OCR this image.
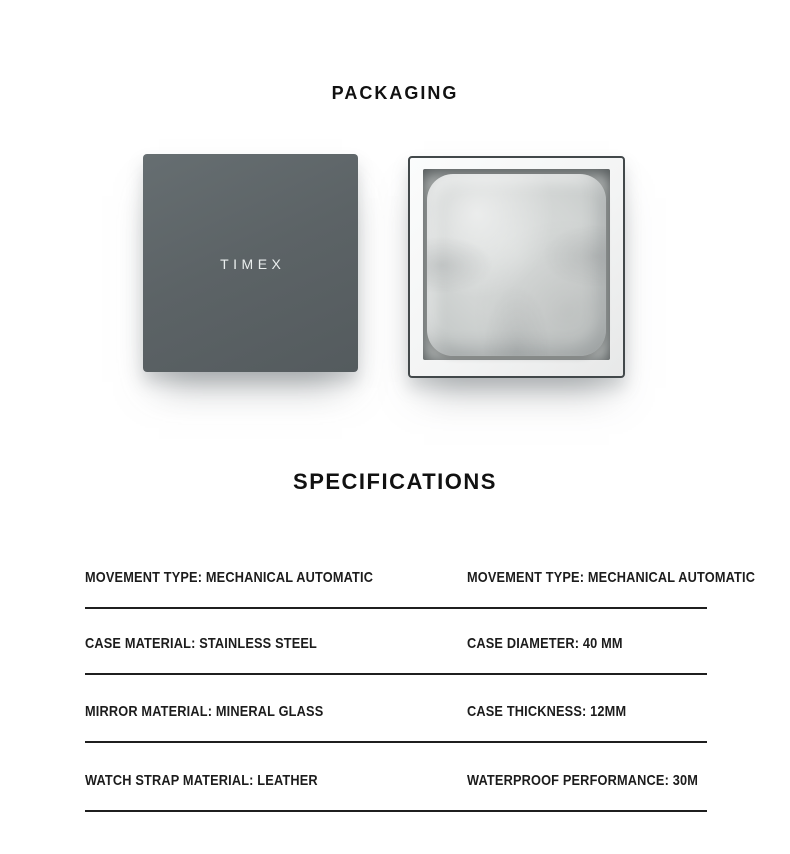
PACKAGING
TIMEX
SPECIFICATIONS
MOVEMENT TYPE: MECHANICAL AUTOMATIC	MOVEMENT TYPE: MECHANICAL AUTOMATIC
CASE MATERIAL: STAINLESS STEEL	CASE DIAMETER: 40 MM
MIRROR MATERIAL: MINERAL GLASS	CASE THICKNESS: 12MM
WATCH STRAP MATERIAL: LEATHER	WATERPROOF PERFORMANCE: 30M
